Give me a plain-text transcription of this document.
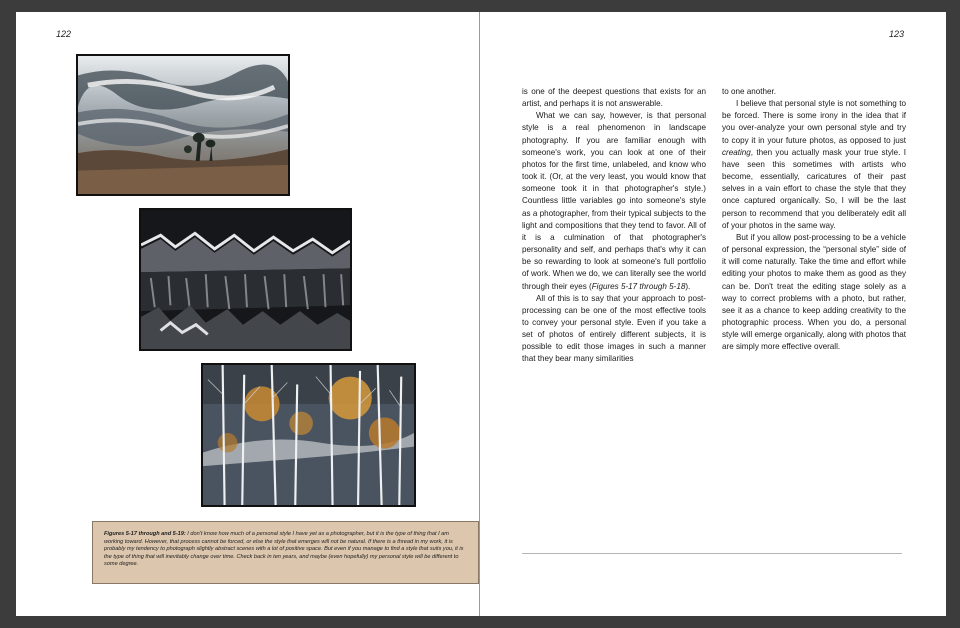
122

Figures 5-17 through and 5-19: I don't know how much of a personal style I have yet as a photographer, but it is the type of thing that I am working toward. However, that process cannot be forced, or else the style that emerges will not be natural. If there is a thread in my work, it is probably my tendency to photograph slightly abstract scenes with a lot of positive space. But even if you manage to find a style that suits you, it is the type of thing that will inevitably change over time. Check back in ten years, and maybe (even hopefully) my personal style will be different to some degree.

123

is one of the deepest questions that exists for an artist, and perhaps it is not answerable.

What we can say, however, is that personal style is a real phenomenon in landscape photography. If you are familiar enough with someone's work, you can look at one of their photos for the first time, unlabeled, and know who took it. (Or, at the very least, you would know that someone took it in that photographer's style.) Countless little variables go into someone's style as a photographer, from their typical subjects to the light and compositions that they tend to favor. All of it is a culmination of that photographer's personality and self, and perhaps that's why it can be so rewarding to look at someone's full portfolio of work. When we do, we can literally see the world through their eyes (Figures 5-17 through 5-18).

All of this is to say that your approach to post-processing can be one of the most effective tools to convey your personal style. Even if you take a set of photos of entirely different subjects, it is possible to edit those images in such a manner that they bear many similarities

to one another.

I believe that personal style is not something to be forced. There is some irony in the idea that if you over-analyze your own personal style and try to copy it in your future photos, as opposed to just creating, then you actually mask your true style. I have seen this sometimes with artists who become, essentially, caricatures of their past selves in a vain effort to chase the style that they once captured organically. So, I will be the last person to recommend that you deliberately edit all of your photos in the same way.

But if you allow post-processing to be a vehicle of personal expression, the “personal style” side of it will come naturally. Take the time and effort while editing your photos to make them as good as they can be. Don't treat the editing stage solely as a way to correct problems with a photo, but rather, see it as a chance to keep adding creativity to the photographic process. When you do, a personal style will emerge organically, along with photos that are simply more effective overall.
